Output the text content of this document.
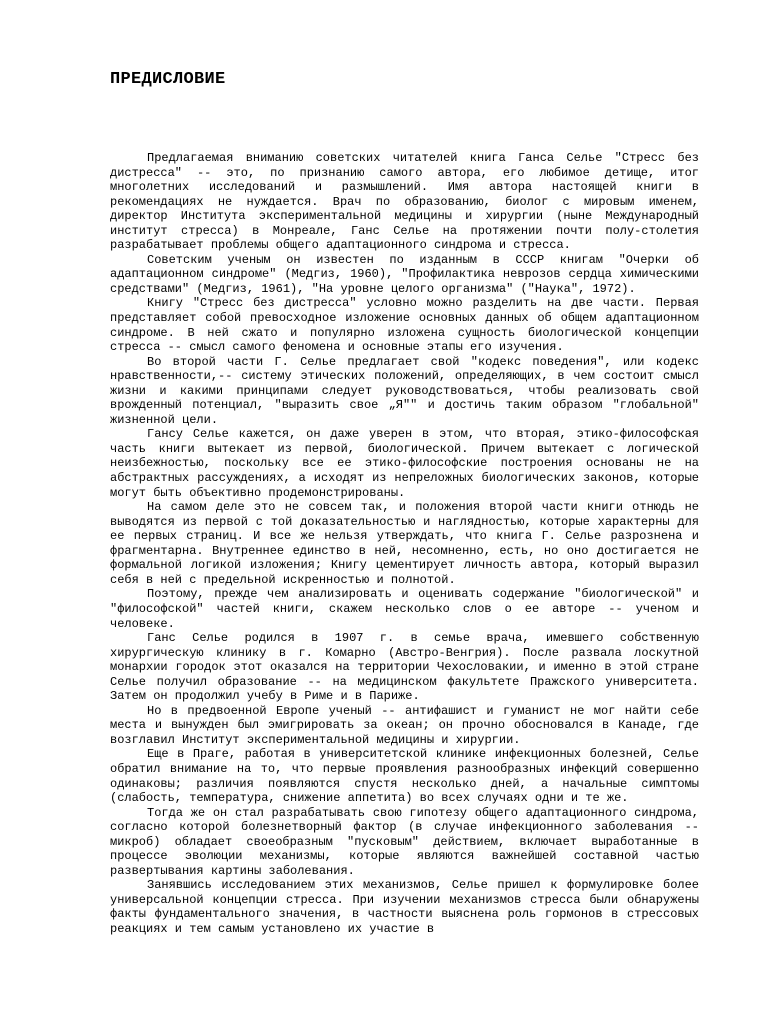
ПРЕДИСЛОВИЕ

Предлагаемая вниманию советских читателей книга Ганса Селье "Стресс без дистресса" -- это, по признанию самого автора, его любимое детище, итог многолетних исследований и размышлений. Имя автора настоящей книги в рекомендациях не нуждается. Врач по образованию, биолог с мировым именем, директор Института экспериментальной медицины и хирургии (ныне Международный институт стресса) в Монреале, Ганс Селье на протяжении почти полу-столетия разрабатывает проблемы общего адаптационного синдрома и стресса.

Советским ученым он известен по изданным в СССР книгам "Очерки об адаптационном синдроме" (Медгиз, 1960), "Профилактика неврозов сердца химическими средствами" (Медгиз, 1961), "На уровне целого организма" ("Наука", 1972).

Книгу "Стресс без дистресса" условно можно разделить на две части. Первая представляет собой превосходное изложение основных данных об общем адаптационном синдроме. В ней сжато и популярно изложена сущность биологической концепции стресса -- смысл самого феномена и основные этапы его изучения.

Во второй части Г. Селье предлагает свой "кодекс поведения", или кодекс нравственности,-- систему этических положений, определяющих, в чем состоит смысл жизни и какими принципами следует руководствоваться, чтобы реализовать свой врожденный потенциал, "выразить свое „Я"" и достичь таким образом "глобальной" жизненной цели.

Гансу Селье кажется, он даже уверен в этом, что вторая, этико-философская часть книги вытекает из первой, биологической. Причем вытекает с логической неизбежностью, поскольку все ее этико-философские построения основаны не на абстрактных рассуждениях, а исходят из непреложных биологических законов, которые могут быть объективно продемонстрированы.

На самом деле это не совсем так, и положения второй части книги отнюдь не выводятся из первой с той доказательностью и наглядностью, которые характерны для ее первых страниц. И все же нельзя утверждать, что книга Г. Селье разрознена и фрагментарна. Внутреннее единство в ней, несомненно, есть, но оно достигается не формальной логикой изложения; Книгу цементирует личность автора, который выразил себя в ней с предельной искренностью и полнотой.

Поэтому, прежде чем анализировать и оценивать содержание "биологической" и "философской" частей книги, скажем несколько слов о ее авторе -- ученом и человеке.

Ганс Селье родился в 1907 г. в семье врача, имевшего собственную хирургическую клинику в г. Комарно (Австро-Венгрия). После развала лоскутной монархии городок этот оказался на территории Чехословакии, и именно в этой стране Селье получил образование -- на медицинском факультете Пражского университета. Затем он продолжил учебу в Риме и в Париже.

Но в предвоенной Европе ученый -- антифашист и гуманист не мог найти себе места и вынужден был эмигрировать за океан; он прочно обосновался в Канаде, где возглавил Институт экспериментальной медицины и хирургии.

Еще в Праге, работая в университетской клинике инфекционных болезней, Селье обратил внимание на то, что первые проявления разнообразных инфекций совершенно одинаковы; различия появляются спустя несколько дней, а начальные симптомы (слабость, температура, снижение аппетита) во всех случаях одни и те же.

Тогда же он стал разрабатывать свою гипотезу общего адаптационного синдрома, согласно которой болезнетворный фактор (в случае инфекционного заболевания -- микроб) обладает своеобразным "пусковым" действием, включает выработанные в процессе эволюции механизмы, которые являются важнейшей составной частью развертывания картины заболевания.

Занявшись исследованием этих механизмов, Селье пришел к формулировке более универсальной концепции стресса. При изучении механизмов стресса были обнаружены факты фундаментального значения, в частности выяснена роль гормонов в стрессовых реакциях и тем самым установлено их участие в
